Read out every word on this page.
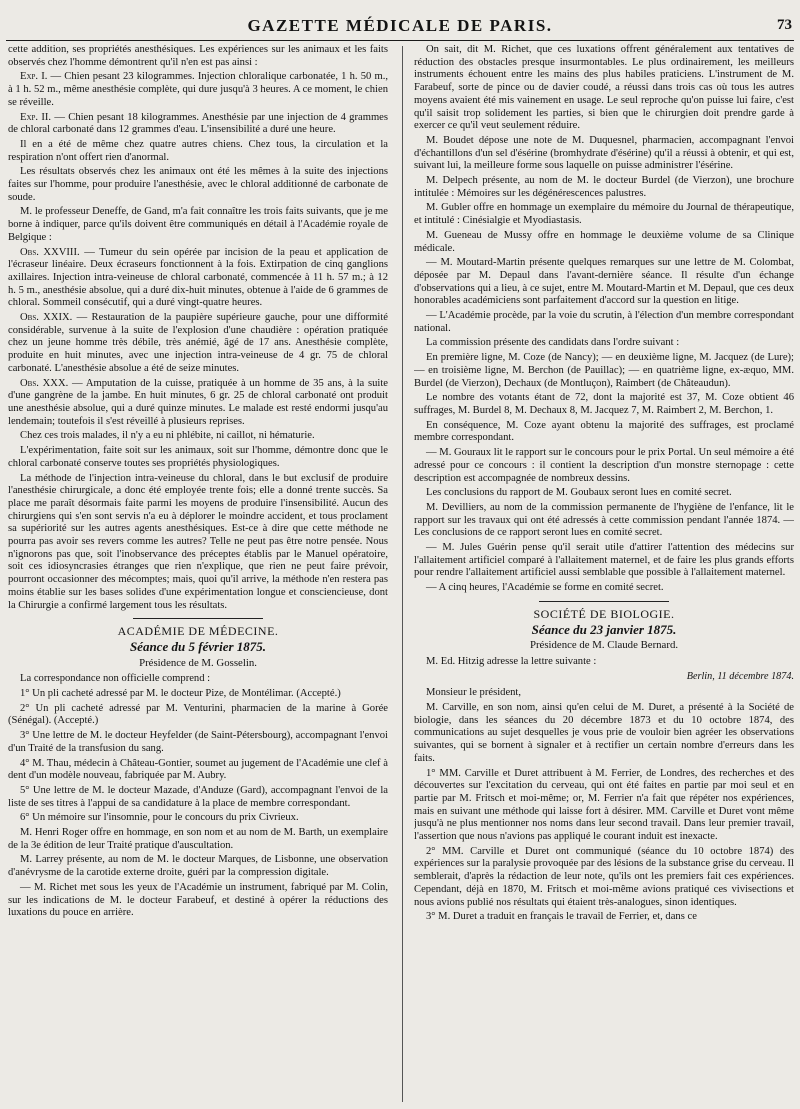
GAZETTE MÉDICALE DE PARIS.	73

cette addition, ses propriétés anesthésiques. Les expériences sur les animaux et les faits observés chez l'homme démontrent qu'il n'en est pas ainsi :

Exp. I. — Chien pesant 23 kilogrammes. Injection chloralique carbonatée, 1 h. 50 m., à 1 h. 52 m., même anesthésie complète, qui dure jusqu'à 3 heures. A ce moment, le chien se réveille.

Exp. II. — Chien pesant 18 kilogrammes. Anesthésie par une injection de 4 grammes de chloral carbonaté dans 12 grammes d'eau. L'insensibilité a duré une heure.

Il en a été de même chez quatre autres chiens. Chez tous, la circulation et la respiration n'ont offert rien d'anormal.

Les résultats observés chez les animaux ont été les mêmes à la suite des injections faites sur l'homme, pour produire l'anesthésie, avec le chloral additionné de carbonate de soude.

M. le professeur Deneffe, de Gand, m'a fait connaître les trois faits suivants, que je me borne à indiquer, parce qu'ils doivent être communiqués en détail à l'Académie royale de Belgique :

Obs. XXVIII. — Tumeur du sein opérée par incision de la peau et application de l'écraseur linéaire. Deux écraseurs fonctionnent à la fois. Extirpation de cinq ganglions axillaires. Injection intra-veineuse de chloral carbonaté, commencée à 11 h. 57 m.; à 12 h. 5 m., anesthésie absolue, qui a duré dix-huit minutes, obtenue à l'aide de 6 grammes de chloral. Sommeil consécutif, qui a duré vingt-quatre heures.

Obs. XXIX. — Restauration de la paupière supérieure gauche, pour une difformité considérable, survenue à la suite de l'explosion d'une chaudière : opération pratiquée chez un jeune homme très débile, très anémié, âgé de 17 ans. Anesthésie complète, produite en huit minutes, avec une injection intra-veineuse de 4 gr. 75 de chloral carbonaté. L'anesthésie absolue a été de seize minutes.

Obs. XXX. — Amputation de la cuisse, pratiquée à un homme de 35 ans, à la suite d'une gangrène de la jambe. En huit minutes, 6 gr. 25 de chloral carbonaté ont produit une anesthésie absolue, qui a duré quinze minutes. Le malade est resté endormi jusqu'au lendemain; toutefois il s'est réveillé à plusieurs reprises.

Chez ces trois malades, il n'y a eu ni phlébite, ni caillot, ni hématurie.

L'expérimentation, faite soit sur les animaux, soit sur l'homme, démontre donc que le chloral carbonaté conserve toutes ses propriétés physiologiques.

La méthode de l'injection intra-veineuse du chloral, dans le but exclusif de produire l'anesthésie chirurgicale, a donc été employée trente fois; elle a donné trente succès. Sa place me paraît désormais faite parmi les moyens de produire l'insensibilité. Aucun des chirurgiens qui s'en sont servis n'a eu à déplorer le moindre accident, et tous proclament sa supériorité sur les autres agents anesthésiques. Est-ce à dire que cette méthode ne pourra pas avoir ses revers comme les autres? Telle ne peut pas être notre pensée. Nous n'ignorons pas que, soit l'inobservance des préceptes établis par le Manuel opératoire, soit ces idiosyncrasies étranges que rien n'explique, que rien ne peut faire prévoir, pourront occasionner des mécomptes; mais, quoi qu'il arrive, la méthode n'en restera pas moins établie sur les bases solides d'une expérimentation longue et consciencieuse, dont la Chirurgie a confirmé largement tous les résultats.

ACADÉMIE DE MÉDECINE.
Séance du 5 février 1875.
Présidence de M. Gosselin.

La correspondance non officielle comprend :

1° Un pli cacheté adressé par M. le docteur Pize, de Montélimar. (Accepté.)

2° Un pli cacheté adressé par M. Venturini, pharmacien de la marine à Gorée (Sénégal). (Accepté.)

3° Une lettre de M. le docteur Heyfelder (de Saint-Pétersbourg), accompagnant l'envoi d'un Traité de la transfusion du sang.

4° M. Thau, médecin à Château-Gontier, soumet au jugement de l'Académie une clef à dent d'un modèle nouveau, fabriquée par M. Aubry.

5° Une lettre de M. le docteur Mazade, d'Anduze (Gard), accompagnant l'envoi de la liste de ses titres à l'appui de sa candidature à la place de membre correspondant.

6° Un mémoire sur l'insomnie, pour le concours du prix Civrieux.

M. Henri Roger offre en hommage, en son nom et au nom de M. Barth, un exemplaire de la 3e édition de leur Traité pratique d'auscultation.

M. Larrey présente, au nom de M. le docteur Marques, de Lisbonne, une observation d'anévrysme de la carotide externe droite, guéri par la compression digitale.

— M. Richet met sous les yeux de l'Académie un instrument, fabriqué par M. Colin, sur les indications de M. le docteur Farabeuf, et destiné à opérer la réductions des luxations du pouce en arrière.

On sait, dit M. Richet, que ces luxations offrent généralement aux tentatives de réduction des obstacles presque insurmontables. Le plus ordinairement, les meilleurs instruments échouent entre les mains des plus habiles praticiens. L'instrument de M. Farabeuf, sorte de pince ou de davier coudé, a réussi dans trois cas où tous les autres moyens avaient été mis vainement en usage. Le seul reproche qu'on puisse lui faire, c'est qu'il saisit trop solidement les parties, si bien que le chirurgien doit prendre garde à exercer ce qu'il veut seulement réduire.

M. Boudet dépose une note de M. Duquesnel, pharmacien, accompagnant l'envoi d'échantillons d'un sel d'ésérine (bromhydrate d'ésérine) qu'il a réussi à obtenir, et qui est, suivant lui, la meilleure forme sous laquelle on puisse administrer l'ésérine.

M. Delpech présente, au nom de M. le docteur Burdel (de Vierzon), une brochure intitulée : Mémoires sur les dégénérescences palustres.

M. Gubler offre en hommage un exemplaire du mémoire du Journal de thérapeutique, et intitulé : Cinésialgie et Myodiastasis.

M. Gueneau de Mussy offre en hommage le deuxième volume de sa Clinique médicale.

— M. Moutard-Martin présente quelques remarques sur une lettre de M. Colombat, déposée par M. Depaul dans l'avant-dernière séance. Il résulte d'un échange d'observations qui a lieu, à ce sujet, entre M. Moutard-Martin et M. Depaul, que ces deux honorables académiciens sont parfaitement d'accord sur la question en litige.

— L'Académie procède, par la voie du scrutin, à l'élection d'un membre correspondant national.

La commission présente des candidats dans l'ordre suivant :

En première ligne, M. Coze (de Nancy); — en deuxième ligne, M. Jacquez (de Lure); — en troisième ligne, M. Berchon (de Pauillac); — en quatrième ligne, ex-æquo, MM. Burdel (de Vierzon), Dechaux (de Montluçon), Raimbert (de Châteaudun).

Le nombre des votants étant de 72, dont la majorité est 37, M. Coze obtient 46 suffrages, M. Burdel 8, M. Dechaux 8, M. Jacquez 7, M. Raimbert 2, M. Berchon, 1.

En conséquence, M. Coze ayant obtenu la majorité des suffrages, est proclamé membre correspondant.

— M. Gouraux lit le rapport sur le concours pour le prix Portal. Un seul mémoire a été adressé pour ce concours : il contient la description d'un monstre sternopage : cette description est accompagnée de nombreux dessins.

Les conclusions du rapport de M. Goubaux seront lues en comité secret.

M. Devilliers, au nom de la commission permanente de l'hygiène de l'enfance, lit le rapport sur les travaux qui ont été adressés à cette commission pendant l'année 1874. — Les conclusions de ce rapport seront lues en comité secret.

— M. Jules Guérin pense qu'il serait utile d'attirer l'attention des médecins sur l'allaitement artificiel comparé à l'allaitement maternel, et de faire les plus grands efforts pour rendre l'allaitement artificiel aussi semblable que possible à l'allaitement maternel.

— A cinq heures, l'Académie se forme en comité secret.

SOCIÉTÉ DE BIOLOGIE.
Séance du 23 janvier 1875.
Présidence de M. Claude Bernard.

M. Ed. Hitzig adresse la lettre suivante :

Berlin, 11 décembre 1874.

Monsieur le président,

M. Carville, en son nom, ainsi qu'en celui de M. Duret, a présenté à la Société de biologie, dans les séances du 20 décembre 1873 et du 10 octobre 1874, des communications au sujet desquelles je vous prie de vouloir bien agréer les observations suivantes, qui se bornent à signaler et à rectifier un certain nombre d'erreurs dans les faits.

1° MM. Carville et Duret attribuent à M. Ferrier, de Londres, des recherches et des découvertes sur l'excitation du cerveau, qui ont été faites en partie par moi seul et en partie par M. Fritsch et moi-même; or, M. Ferrier n'a fait que répéter nos expériences, mais en suivant une méthode qui laisse fort à désirer. MM. Carville et Duret vont même jusqu'à ne plus mentionner nos noms dans leur second travail. Dans leur premier travail, l'assertion que nous n'avions pas appliqué le courant induit est inexacte.

2° MM. Carville et Duret ont communiqué (séance du 10 octobre 1874) des expériences sur la paralysie provoquée par des lésions de la substance grise du cerveau. Il semblerait, d'après la rédaction de leur note, qu'ils ont les premiers fait ces expériences. Cependant, déjà en 1870, M. Fritsch et moi-même avions pratiqué ces vivisections et nous avions publié nos résultats qui étaient très-analogues, sinon identiques.

3° M. Duret a traduit en français le travail de Ferrier, et, dans ce
